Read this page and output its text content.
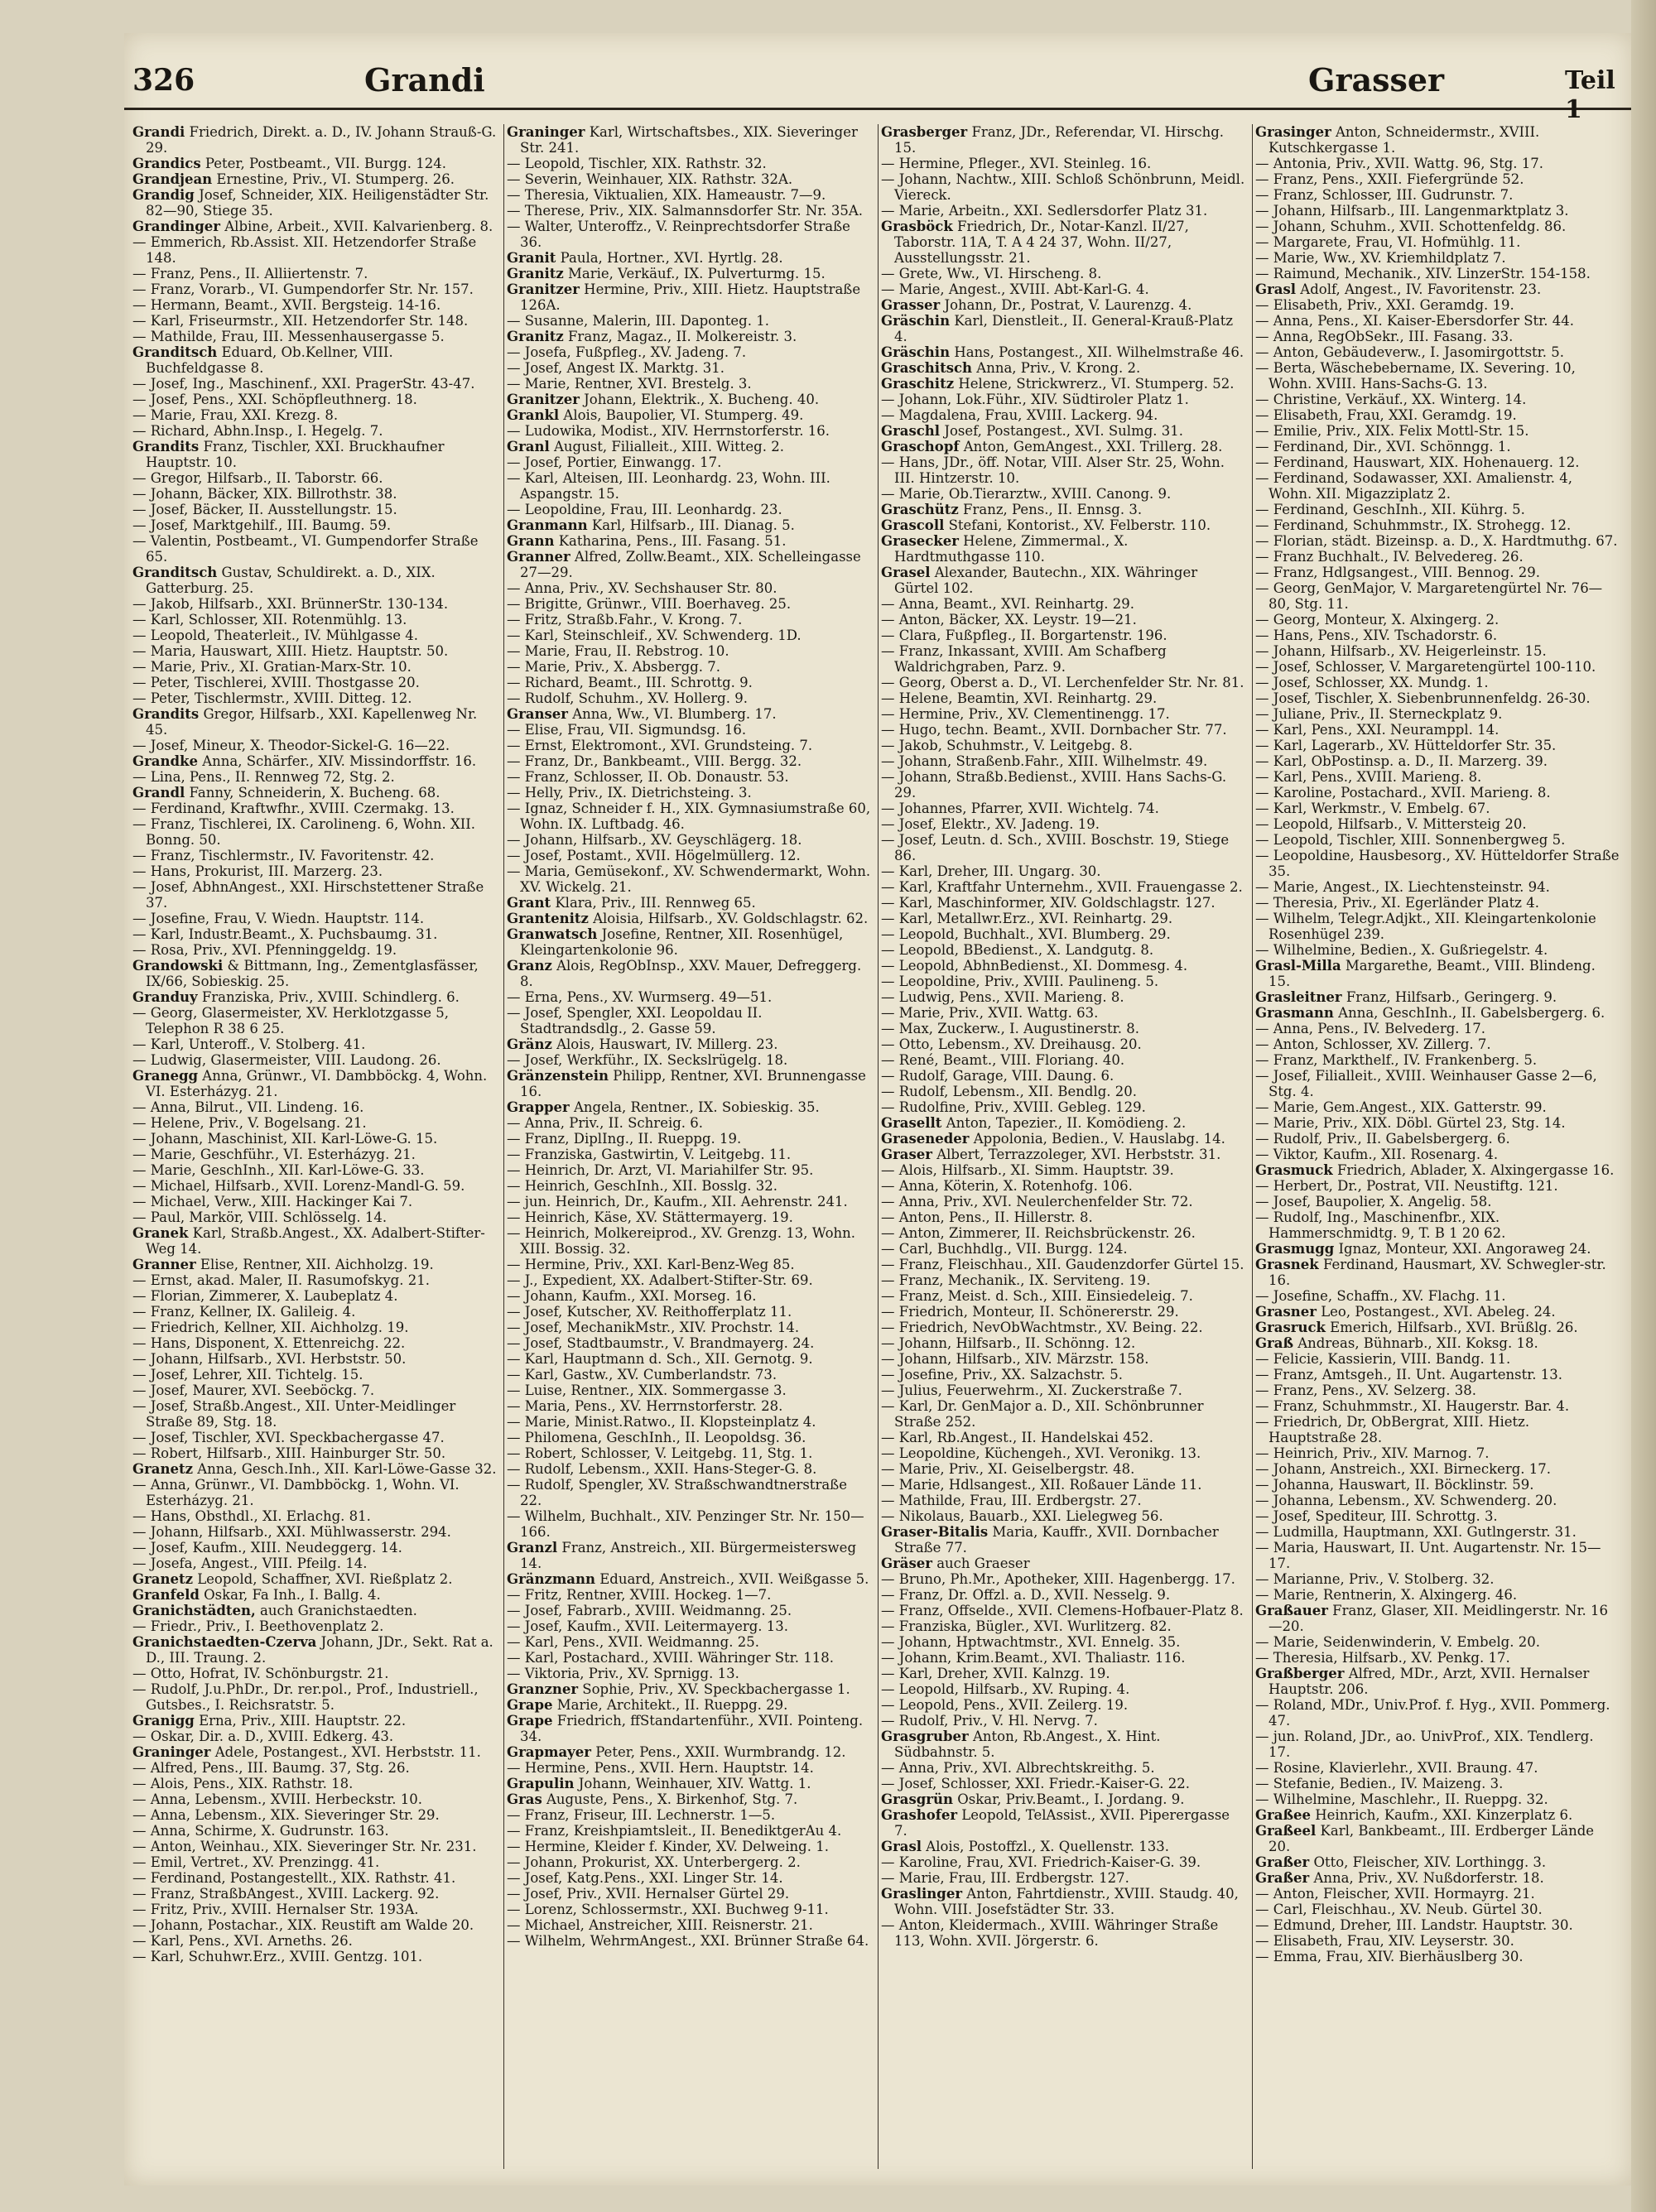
326	Grandi	Grasser	Teil 1

Grandi Friedrich, Direkt. a. D., IV. Johann Strauß-G. 29.

Grandics Peter, Postbeamt., VII. Burgg. 124.

Grandjean Ernestine, Priv., VI. Stumperg. 26.

Grandig Josef, Schneider, XIX. Heiligenstädter Str. 82—90, Stiege 35.

Grandinger Albine, Arbeit., XVII. Kalvarienberg. 8.

— Emmerich, Rb.Assist. XII. Hetzendorfer Straße 148.

— Franz, Pens., II. Alliiertenstr. 7.

— Franz, Vorarb., VI. Gumpendorfer Str. Nr. 157.

— Hermann, Beamt., XVII. Bergsteig. 14-16.

— Karl, Friseurmstr., XII. Hetzendorfer Str. 148.

— Mathilde, Frau, III. Messenhausergasse 5.

Granditsch Eduard, Ob.Kellner, VIII. Buchfeldgasse 8.

— Josef, Ing., Maschinenf., XXI. PragerStr. 43-47.

— Josef, Pens., XXI. Schöpfleuthnerg. 18.

— Marie, Frau, XXI. Krezg. 8.

— Richard, Abhn.Insp., I. Hegelg. 7.

Grandits Franz, Tischler, XXI. Bruckhaufner Hauptstr. 10.

— Gregor, Hilfsarb., II. Taborstr. 66.

— Johann, Bäcker, XIX. Billrothstr. 38.

— Josef, Bäcker, II. Ausstellungstr. 15.

— Josef, Marktgehilf., III. Baumg. 59.

— Valentin, Postbeamt., VI. Gumpendorfer Straße 65.

Granditsch Gustav, Schuldirekt. a. D., XIX. Gatterburg. 25.

— Jakob, Hilfsarb., XXI. BrünnerStr. 130-134.

— Karl, Schlosser, XII. Rotenmühlg. 13.

— Leopold, Theaterleit., IV. Mühlgasse 4.

— Maria, Hauswart, XIII. Hietz. Hauptstr. 50.

— Marie, Priv., XI. Gratian-Marx-Str. 10.

— Peter, Tischlerei, XVIII. Thostgasse 20.

— Peter, Tischlermstr., XVIII. Ditteg. 12.

Grandits Gregor, Hilfsarb., XXI. Kapellenweg Nr. 45.

— Josef, Mineur, X. Theodor-Sickel-G. 16—22.

Grandke Anna, Schärfer., XIV. Missindorffstr. 16.

— Lina, Pens., II. Rennweg 72, Stg. 2.

Grandl Fanny, Schneiderin, X. Bucheng. 68.

— Ferdinand, Kraftwfhr., XVIII. Czermakg. 13.

— Franz, Tischlerei, IX. Carolineng. 6, Wohn. XII. Bonng. 50.

— Franz, Tischlermstr., IV. Favoritenstr. 42.

— Hans, Prokurist, III. Marzerg. 23.

— Josef, AbhnAngest., XXI. Hirschstettener Straße 37.

— Josefine, Frau, V. Wiedn. Hauptstr. 114.

— Karl, Industr.Beamt., X. Puchsbaumg. 31.

— Rosa, Priv., XVI. Pfenninggeldg. 19.

Grandowski & Bittmann, Ing., Zementglasfässer, IX/66, Sobieskig. 25.

Granduy Franziska, Priv., XVIII. Schindlerg. 6.

— Georg, Glasermeister, XV. Herklotzgasse 5, Telephon R 38 6 25.

— Karl, Unteroff., V. Stolberg. 41.

— Ludwig, Glasermeister, VIII. Laudong. 26.

Granegg Anna, Grünwr., VI. Dambböckg. 4, Wohn. VI. Esterházyg. 21.

— Anna, Bilrut., VII. Lindeng. 16.

— Helene, Priv., V. Bogelsang. 21.

— Johann, Maschinist, XII. Karl-Löwe-G. 15.

— Marie, Geschführ., VI. Esterházyg. 21.

— Marie, GeschInh., XII. Karl-Löwe-G. 33.

— Michael, Hilfsarb., XVII. Lorenz-Mandl-G. 59.

— Michael, Verw., XIII. Hackinger Kai 7.

— Paul, Markör, VIII. Schlösselg. 14.

Granek Karl, Straßb.Angest., XX. Adalbert-Stifter-Weg 14.

Granner Elise, Rentner, XII. Aichholzg. 19.

— Ernst, akad. Maler, II. Rasumofskyg. 21.

— Florian, Zimmerer, X. Laubeplatz 4.

— Franz, Kellner, IX. Galileig. 4.

— Friedrich, Kellner, XII. Aichholzg. 19.

— Hans, Disponent, X. Ettenreichg. 22.

— Johann, Hilfsarb., XVI. Herbststr. 50.

— Josef, Lehrer, XII. Tichtelg. 15.

— Josef, Maurer, XVI. Seeböckg. 7.

— Josef, Straßb.Angest., XII. Unter-Meidlinger Straße 89, Stg. 18.

— Josef, Tischler, XVI. Speckbachergasse 47.

— Robert, Hilfsarb., XIII. Hainburger Str. 50.

Granetz Anna, Gesch.Inh., XII. Karl-Löwe-Gasse 32.

— Anna, Grünwr., VI. Dambböckg. 1, Wohn. VI. Esterházyg. 21.

— Hans, Obsthdl., XI. Erlachg. 81.

— Johann, Hilfsarb., XXI. Mühlwasserstr. 294.

— Josef, Kaufm., XIII. Neudeggerg. 14.

— Josefa, Angest., VIII. Pfeilg. 14.

Granetz Leopold, Schaffner, XVI. Rießplatz 2.

Granfeld Oskar, Fa Inh., I. Ballg. 4.

Granichstädten, auch Granichstaedten.

— Friedr., Priv., I. Beethovenplatz 2.

Granichstaedten-Czerva Johann, JDr., Sekt. Rat a. D., III. Traung. 2.

— Otto, Hofrat, IV. Schönburgstr. 21.

— Rudolf, J.u.PhDr., Dr. rer.pol., Prof., Industriell., Gutsbes., I. Reichsratstr. 5.

Granigg Erna, Priv., XIII. Hauptstr. 22.

— Oskar, Dir. a. D., XVIII. Edkerg. 43.

Graninger Adele, Postangest., XVI. Herbststr. 11.

— Alfred, Pens., III. Baumg. 37, Stg. 26.

— Alois, Pens., XIX. Rathstr. 18.

— Anna, Lebensm., XVIII. Herbeckstr. 10.

— Anna, Lebensm., XIX. Sieveringer Str. 29.

— Anna, Schirme, X. Gudrunstr. 163.

— Anton, Weinhau., XIX. Sieveringer Str. Nr. 231.

— Emil, Vertret., XV. Prenzingg. 41.

— Ferdinand, Postangestellt., XIX. Rathstr. 41.

— Franz, StraßbAngest., XVIII. Lackerg. 92.

— Fritz, Priv., XVIII. Hernalser Str. 193A.

— Johann, Postachar., XIX. Reustift am Walde 20.

— Karl, Pens., XVI. Arneths. 26.

— Karl, Schuhwr.Erz., XVIII. Gentzg. 101.

Graninger Karl, Wirtschaftsbes., XIX. Sieveringer Str. 241.

— Leopold, Tischler, XIX. Rathstr. 32.

— Severin, Weinhauer, XIX. Rathstr. 32A.

— Theresia, Viktualien, XIX. Hameaustr. 7—9.

— Therese, Priv., XIX. Salmannsdorfer Str. Nr. 35A.

— Walter, Unteroffz., V. Reinprechtsdorfer Straße 36.

Granit Paula, Hortner., XVI. Hyrtlg. 28.

Granitz Marie, Verkäuf., IX. Pulverturmg. 15.

Granitzer Hermine, Priv., XIII. Hietz. Hauptstraße 126A.

— Susanne, Malerin, III. Daponteg. 1.

Granitz Franz, Magaz., II. Molkereistr. 3.

— Josefa, Fußpfleg., XV. Jadeng. 7.

— Josef, Angest IX. Marktg. 31.

— Marie, Rentner, XVI. Brestelg. 3.

Granitzer Johann, Elektrik., X. Bucheng. 40.

Grankl Alois, Baupolier, VI. Stumperg. 49.

— Ludowika, Modist., XIV. Herrnstorferstr. 16.

Granl August, Filialleit., XIII. Witteg. 2.

— Josef, Portier, Einwangg. 17.

— Karl, Alteisen, III. Leonhardg. 23, Wohn. III. Aspangstr. 15.

— Leopoldine, Frau, III. Leonhardg. 23.

Granmann Karl, Hilfsarb., III. Dianag. 5.

Grann Katharina, Pens., III. Fasang. 51.

Granner Alfred, Zollw.Beamt., XIX. Schelleingasse 27—29.

— Anna, Priv., XV. Sechshauser Str. 80.

— Brigitte, Grünwr., VIII. Boerhaveg. 25.

— Fritz, Straßb.Fahr., V. Krong. 7.

— Karl, Steinschleif., XV. Schwenderg. 1D.

— Marie, Frau, II. Rebstrog. 10.

— Marie, Priv., X. Absbergg. 7.

— Richard, Beamt., III. Schrottg. 9.

— Rudolf, Schuhm., XV. Hollerg. 9.

Granser Anna, Ww., VI. Blumberg. 17.

— Elise, Frau, VII. Sigmundsg. 16.

— Ernst, Elektromont., XVI. Grundsteing. 7.

— Franz, Dr., Bankbeamt., VIII. Bergg. 32.

— Franz, Schlosser, II. Ob. Donaustr. 53.

— Helly, Priv., IX. Dietrichsteing. 3.

— Ignaz, Schneider f. H., XIX. Gymnasiumstraße 60, Wohn. IX. Luftbadg. 46.

— Johann, Hilfsarb., XV. Geyschlägerg. 18.

— Josef, Postamt., XVII. Högelmüllerg. 12.

— Maria, Gemüsekonf., XV. Schwendermarkt, Wohn. XV. Wickelg. 21.

Grant Klara, Priv., III. Rennweg 65.

Grantenitz Aloisia, Hilfsarb., XV. Goldschlagstr. 62.

Granwatsch Josefine, Rentner, XII. Rosenhügel, Kleingartenkolonie 96.

Granz Alois, RegObInsp., XXV. Mauer, Defreggerg. 8.

— Erna, Pens., XV. Wurmserg. 49—51.

— Josef, Spengler, XXI. Leopoldau II. Stadtrandsdlg., 2. Gasse 59.

Gränz Alois, Hauswart, IV. Millerg. 23.

— Josef, Werkführ., IX. Seckslrügelg. 18.

Gränzenstein Philipp, Rentner, XVI. Brunnengasse 16.

Grapper Angela, Rentner., IX. Sobieskig. 35.

— Anna, Priv., II. Schreig. 6.

— Franz, DiplIng., II. Rueppg. 19.

— Franziska, Gastwirtin, V. Leitgebg. 11.

— Heinrich, Dr. Arzt, VI. Mariahilfer Str. 95.

— Heinrich, GeschInh., XII. Bosslg. 32.

— jun. Heinrich, Dr., Kaufm., XII. Aehrenstr. 241.

— Heinrich, Käse, XV. Stättermayerg. 19.

— Heinrich, Molkereiprod., XV. Grenzg. 13, Wohn. XIII. Bossig. 32.

— Hermine, Priv., XXI. Karl-Benz-Weg 85.

— J., Expedient, XX. Adalbert-Stifter-Str. 69.

— Johann, Kaufm., XXI. Morseg. 16.

— Josef, Kutscher, XV. Reithofferplatz 11.

— Josef, MechanikMstr., XIV. Prochstr. 14.

— Josef, Stadtbaumstr., V. Brandmayerg. 24.

— Karl, Hauptmann d. Sch., XII. Gernotg. 9.

— Karl, Gastw., XV. Cumberlandstr. 73.

— Luise, Rentner., XIX. Sommergasse 3.

— Maria, Pens., XV. Herrnstorferstr. 28.

— Marie, Minist.Ratwo., II. Klopsteinplatz 4.

— Philomena, GeschInh., II. Leopoldsg. 36.

— Robert, Schlosser, V. Leitgebg. 11, Stg. 1.

— Rudolf, Lebensm., XXII. Hans-Steger-G. 8.

— Rudolf, Spengler, XV. Straßschwandtnerstraße 22.

— Wilhelm, Buchhalt., XIV. Penzinger Str. Nr. 150—166.

Granzl Franz, Anstreich., XII. Bürgermeistersweg 14.

Gränzmann Eduard, Anstreich., XVII. Weißgasse 5.

— Fritz, Rentner, XVIII. Hockeg. 1—7.

— Josef, Fabrarb., XVIII. Weidmanng. 25.

— Josef, Kaufm., XVII. Leitermayerg. 13.

— Karl, Pens., XVII. Weidmanng. 25.

— Karl, Postachard., XVIII. Währinger Str. 118.

— Viktoria, Priv., XV. Sprnigg. 13.

Granzner Sophie, Priv., XV. Speckbachergasse 1.

Grape Marie, Architekt., II. Rueppg. 29.

Grape Friedrich, ffStandartenführ., XVII. Pointeng. 34.

Grapmayer Peter, Pens., XXII. Wurmbrandg. 12.

— Hermine, Pens., XVII. Hern. Hauptstr. 14.

Grapulin Johann, Weinhauer, XIV. Wattg. 1.

Gras Auguste, Pens., X. Birkenhof, Stg. 7.

— Franz, Friseur, III. Lechnerstr. 1—5.

— Franz, Kreishpiamtsleit., II. BenediktgerAu 4.

— Hermine, Kleider f. Kinder, XV. Delweing. 1.

— Johann, Prokurist, XX. Unterbergerg. 2.

— Josef, Katg.Pens., XXI. Linger Str. 14.

— Josef, Priv., XVII. Hernalser Gürtel 29.

— Lorenz, Schlossermstr., XXI. Buchweg 9-11.

— Michael, Anstreicher, XIII. Reisnerstr. 21.

— Wilhelm, WehrmAngest., XXI. Brünner Straße 64.

Grasberger Franz, JDr., Referendar, VI. Hirschg. 15.

— Hermine, Pfleger., XVI. Steinleg. 16.

— Johann, Nachtw., XIII. Schloß Schönbrunn, Meidl. Viereck.

— Marie, Arbeitn., XXI. Sedlersdorfer Platz 31.

Grasböck Friedrich, Dr., Notar-Kanzl. II/27, Taborstr. 11A, T. A 4 24 37, Wohn. II/27, Ausstellungsstr. 21.

— Grete, Ww., VI. Hirscheng. 8.

— Marie, Angest., XVIII. Abt-Karl-G. 4.

Grasser Johann, Dr., Postrat, V. Laurenzg. 4.

Gräschin Karl, Dienstleit., II. General-Krauß-Platz 4.

Gräschin Hans, Postangest., XII. Wilhelmstraße 46.

Graschitsch Anna, Priv., V. Krong. 2.

Graschitz Helene, Strickwrerz., VI. Stumperg. 52.

— Johann, Lok.Führ., XIV. Südtiroler Platz 1.

— Magdalena, Frau, XVIII. Lackerg. 94.

Graschl Josef, Postangest., XVI. Sulmg. 31.

Graschopf Anton, GemAngest., XXI. Trillerg. 28.

— Hans, JDr., öff. Notar, VIII. Alser Str. 25, Wohn. III. Hintzerstr. 10.

— Marie, Ob.Tierarztw., XVIII. Canong. 9.

Graschütz Franz, Pens., II. Ennsg. 3.

Grascoll Stefani, Kontorist., XV. Felberstr. 110.

Grasecker Helene, Zimmermal., X. Hardtmuthgasse 110.

Grasel Alexander, Bautechn., XIX. Währinger Gürtel 102.

— Anna, Beamt., XVI. Reinhartg. 29.

— Anton, Bäcker, XX. Leystr. 19—21.

— Clara, Fußpfleg., II. Borgartenstr. 196.

— Franz, Inkassant, XVIII. Am Schafberg Waldrichgraben, Parz. 9.

— Georg, Oberst a. D., VI. Lerchenfelder Str. Nr. 81.

— Helene, Beamtin, XVI. Reinhartg. 29.

— Hermine, Priv., XV. Clementinengg. 17.

— Hugo, techn. Beamt., XVII. Dornbacher Str. 77.

— Jakob, Schuhmstr., V. Leitgebg. 8.

— Johann, Straßenb.Fahr., XIII. Wilhelmstr. 49.

— Johann, Straßb.Bedienst., XVIII. Hans Sachs-G. 29.

— Johannes, Pfarrer, XVII. Wichtelg. 74.

— Josef, Elektr., XV. Jadeng. 19.

— Josef, Leutn. d. Sch., XVIII. Boschstr. 19, Stiege 86.

— Karl, Dreher, III. Ungarg. 30.

— Karl, Kraftfahr Unternehm., XVII. Frauengasse 2.

— Karl, Maschinformer, XIV. Goldschlagstr. 127.

— Karl, Metallwr.Erz., XVI. Reinhartg. 29.

— Leopold, Buchhalt., XVI. Blumberg. 29.

— Leopold, BBedienst., X. Landgutg. 8.

— Leopold, AbhnBedienst., XI. Dommesg. 4.

— Leopoldine, Priv., XVIII. Paulineng. 5.

— Ludwig, Pens., XVII. Marieng. 8.

— Marie, Priv., XVII. Wattg. 63.

— Max, Zuckerw., I. Augustinerstr. 8.

— Otto, Lebensm., XV. Dreihausg. 20.

— René, Beamt., VIII. Floriang. 40.

— Rudolf, Garage, VIII. Daung. 6.

— Rudolf, Lebensm., XII. Bendlg. 20.

— Rudolfine, Priv., XVIII. Gebleg. 129.

Grasellt Anton, Tapezier., II. Komödieng. 2.

Graseneder Appolonia, Bedien., V. Hauslabg. 14.

Graser Albert, Terrazzoleger, XVI. Herbststr. 31.

— Alois, Hilfsarb., XI. Simm. Hauptstr. 39.

— Anna, Köterin, X. Rotenhofg. 106.

— Anna, Priv., XVI. Neulerchenfelder Str. 72.

— Anton, Pens., II. Hillerstr. 8.

— Anton, Zimmerer, II. Reichsbrückenstr. 26.

— Carl, Buchhdlg., VII. Burgg. 124.

— Franz, Fleischhau., XII. Gaudenzdorfer Gürtel 15.

— Franz, Mechanik., IX. Serviteng. 19.

— Franz, Meist. d. Sch., XIII. Einsiedeleig. 7.

— Friedrich, Monteur, II. Schönererstr. 29.

— Friedrich, NevObWachtmstr., XV. Being. 22.

— Johann, Hilfsarb., II. Schönng. 12.

— Johann, Hilfsarb., XIV. Märzstr. 158.

— Josefine, Priv., XX. Salzachstr. 5.

— Julius, Feuerwehrm., XI. Zuckerstraße 7.

— Karl, Dr. GenMajor a. D., XII. Schönbrunner Straße 252.

— Karl, Rb.Angest., II. Handelskai 452.

— Leopoldine, Küchengeh., XVI. Veronikg. 13.

— Marie, Priv., XI. Geiselbergstr. 48.

— Marie, Hdlsangest., XII. Roßauer Lände 11.

— Mathilde, Frau, III. Erdbergstr. 27.

— Nikolaus, Bauarb., XXI. Lielegweg 56.

Graser-Bitalis Maria, Kauffr., XVII. Dornbacher Straße 77.

Gräser auch Graeser

— Bruno, Ph.Mr., Apotheker, XIII. Hagenbergg. 17.

— Franz, Dr. Offzl. a. D., XVII. Nesselg. 9.

— Franz, Offselde., XVII. Clemens-Hofbauer-Platz 8.

— Franziska, Bügler., XVI. Wurlitzerg. 82.

— Johann, Hptwachtmstr., XVI. Ennelg. 35.

— Johann, Krim.Beamt., XVI. Thaliastr. 116.

— Karl, Dreher, XVII. Kalnzg. 19.

— Leopold, Hilfsarb., XV. Ruping. 4.

— Leopold, Pens., XVII. Zeilerg. 19.

— Rudolf, Priv., V. Hl. Nervg. 7.

Grasgruber Anton, Rb.Angest., X. Hint. Südbahnstr. 5.

— Anna, Priv., XVI. Albrechtskreithg. 5.

— Josef, Schlosser, XXI. Friedr.-Kaiser-G. 22.

Grasgrün Oskar, Priv.Beamt., I. Jordang. 9.

Grashofer Leopold, TelAssist., XVII. Piperergasse 7.

Grasl Alois, Postoffzl., X. Quellenstr. 133.

— Karoline, Frau, XVI. Friedrich-Kaiser-G. 39.

— Marie, Frau, III. Erdbergstr. 127.

Graslinger Anton, Fahrtdienstr., XVIII. Staudg. 40, Wohn. VIII. Josefstädter Str. 33.

— Anton, Kleidermach., XVIII. Währinger Straße 113, Wohn. XVII. Jörgerstr. 6.

Grasinger Anton, Schneidermstr., XVIII. Kutschkergasse 1.

— Antonia, Priv., XVII. Wattg. 96, Stg. 17.

— Franz, Pens., XXII. Fiefergründe 52.

— Franz, Schlosser, III. Gudrunstr. 7.

— Johann, Hilfsarb., III. Langenmarktplatz 3.

— Johann, Schuhm., XVII. Schottenfeldg. 86.

— Margarete, Frau, VI. Hofmühlg. 11.

— Marie, Ww., XV. Kriemhildplatz 7.

— Raimund, Mechanik., XIV. LinzerStr. 154-158.

Grasl Adolf, Angest., IV. Favoritenstr. 23.

— Elisabeth, Priv., XXI. Geramdg. 19.

— Anna, Pens., XI. Kaiser-Ebersdorfer Str. 44.

— Anna, RegObSekr., III. Fasang. 33.

— Anton, Gebäudeverw., I. Jasomirgottstr. 5.

— Berta, Wäschebebername, IX. Severing. 10, Wohn. XVIII. Hans-Sachs-G. 13.

— Christine, Verkäuf., XX. Winterg. 14.

— Elisabeth, Frau, XXI. Geramdg. 19.

— Emilie, Priv., XIX. Felix Mottl-Str. 15.

— Ferdinand, Dir., XVI. Schönngg. 1.

— Ferdinand, Hauswart, XIX. Hohenauerg. 12.

— Ferdinand, Sodawasser, XXI. Amalienstr. 4, Wohn. XII. Migazziplatz 2.

— Ferdinand, GeschInh., XII. Kührg. 5.

— Ferdinand, Schuhmmstr., IX. Strohegg. 12.

— Florian, städt. Bizeinsp. a. D., X. Hardtmuthg. 67.

— Franz Buchhalt., IV. Belvedereg. 26.

— Franz, Hdlgsangest., VIII. Bennog. 29.

— Georg, GenMajor, V. Margaretengürtel Nr. 76—80, Stg. 11.

— Georg, Monteur, X. Alxingerg. 2.

— Hans, Pens., XIV. Tschadorstr. 6.

— Johann, Hilfsarb., XV. Heigerleinstr. 15.

— Josef, Schlosser, V. Margaretengürtel 100-110.

— Josef, Schlosser, XX. Mundg. 1.

— Josef, Tischler, X. Siebenbrunnenfeldg. 26-30.

— Juliane, Priv., II. Sterneckplatz 9.

— Karl, Pens., XXI. Neuramppl. 14.

— Karl, Lagerarb., XV. Hütteldorfer Str. 35.

— Karl, ObPostinsp. a. D., II. Marzerg. 39.

— Karl, Pens., XVIII. Marieng. 8.

— Karoline, Postachard., XVII. Marieng. 8.

— Karl, Werkmstr., V. Embelg. 67.

— Leopold, Hilfsarb., V. Mittersteig 20.

— Leopold, Tischler, XIII. Sonnenbergweg 5.

— Leopoldine, Hausbesorg., XV. Hütteldorfer Straße 35.

— Marie, Angest., IX. Liechtensteinstr. 94.

— Theresia, Priv., XI. Egerländer Platz 4.

— Wilhelm, Telegr.Adjkt., XII. Kleingartenkolonie Rosenhügel 239.

— Wilhelmine, Bedien., X. Gußriegelstr. 4.

Grasl-Milla Margarethe, Beamt., VIII. Blindeng. 15.

Grasleitner Franz, Hilfsarb., Geringerg. 9.

Grasmann Anna, GeschInh., II. Gabelsbergerg. 6.

— Anna, Pens., IV. Belvederg. 17.

— Anton, Schlosser, XV. Zillerg. 7.

— Franz, Markthelf., IV. Frankenberg. 5.

— Josef, Filialleit., XVIII. Weinhauser Gasse 2—6, Stg. 4.

— Marie, Gem.Angest., XIX. Gatterstr. 99.

— Marie, Priv., XIX. Döbl. Gürtel 23, Stg. 14.

— Rudolf, Priv., II. Gabelsbergerg. 6.

— Viktor, Kaufm., XII. Rosenarg. 4.

Grasmuck Friedrich, Ablader, X. Alxingergasse 16.

— Herbert, Dr., Postrat, VII. Neustiftg. 121.

— Josef, Baupolier, X. Angelig. 58.

— Rudolf, Ing., Maschinenfbr., XIX. Hammerschmidtg. 9, T. B 1 20 62.

Grasmugg Ignaz, Monteur, XXI. Angoraweg 24.

Grasnek Ferdinand, Hausmart, XV. Schwegler-str. 16.

— Josefine, Schaffn., XV. Flachg. 11.

Grasner Leo, Postangest., XVI. Abeleg. 24.

Grasruck Emerich, Hilfsarb., XVI. Brüßlg. 26.

Graß Andreas, Bühnarb., XII. Koksg. 18.

— Felicie, Kassierin, VIII. Bandg. 11.

— Franz, Amtsgeh., II. Unt. Augartenstr. 13.

— Franz, Pens., XV. Selzerg. 38.

— Franz, Schuhmmstr., XI. Haugerstr. Bar. 4.

— Friedrich, Dr, ObBergrat, XIII. Hietz. Hauptstraße 28.

— Heinrich, Priv., XIV. Marnog. 7.

— Johann, Anstreich., XXI. Birneckerg. 17.

— Johanna, Hauswart, II. Böcklinstr. 59.

— Johanna, Lebensm., XV. Schwenderg. 20.

— Josef, Spediteur, III. Schrottg. 3.

— Ludmilla, Hauptmann, XXI. Gutlngerstr. 31.

— Maria, Hauswart, II. Unt. Augartenstr. Nr. 15—17.

— Marianne, Priv., V. Stolberg. 32.

— Marie, Rentnerin, X. Alxingerg. 46.

Graßauer Franz, Glaser, XII. Meidlingerstr. Nr. 16—20.

— Marie, Seidenwinderin, V. Embelg. 20.

— Theresia, Hilfsarb., XV. Penkg. 17.

Graßberger Alfred, MDr., Arzt, XVII. Hernalser Hauptstr. 206.

— Roland, MDr., Univ.Prof. f. Hyg., XVII. Pommerg. 47.

— jun. Roland, JDr., ao. UnivProf., XIX. Tendlerg. 17.

— Rosine, Klavierlehr., XVII. Braung. 47.

— Stefanie, Bedien., IV. Maizeng. 3.

— Wilhelmine, Maschlehr., II. Rueppg. 32.

Graßee Heinrich, Kaufm., XXI. Kinzerplatz 6.

Graßeel Karl, Bankbeamt., III. Erdberger Lände 20.

Graßer Otto, Fleischer, XIV. Lorthingg. 3.

Graßer Anna, Priv., XV. Nußdorferstr. 18.

— Anton, Fleischer, XVII. Hormayrg. 21.

— Carl, Fleischhau., XV. Neub. Gürtel 30.

— Edmund, Dreher, III. Landstr. Hauptstr. 30.

— Elisabeth, Frau, XIV. Leyserstr. 30.

— Emma, Frau, XIV. Bierhäuslberg 30.
